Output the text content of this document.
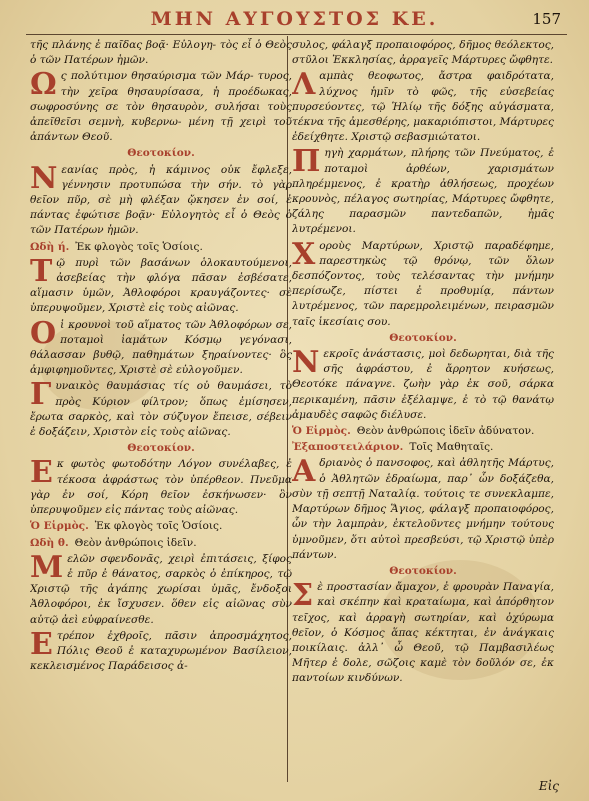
ΜΗΝ ΑΥΓΟΥΣΤΟΣ ΚΕ.	157

τῆς πλάνης ἐ παῖδας βοᾷ· Εὐλογη- τὸς εἶ ὁ Θεὸς ὁ τῶν Πατέρων ἡμῶν.

Ως πολύτιμον θησαύρισμα τῶν Μάρ- τυρος, τὴν χεῖρα θησαυρίσασα, ἡ προέδωκας, σωφροσύνης σε τὸν θησαυρὸν, συλήσαι τοὺς ἀπεῖθεῖσι σεμνὴ, κυβερνω- μένη τῇ χειρὶ τοῦ ἀπάντων Θεοῦ.

Θεοτοκίον.

Νεανίας πρὸς, ἡ κάμινος οὐκ ἔφλεξε, γέννησιν προτυπώσα τὴν σήν. τὸ γὰρ θεῖον πῦρ, σὲ μὴ φλέξαν ᾤκησεν ἐν σοί, ἐ πάντας ἐφώτισε βοᾷν· Εὐλογητὸς εἶ ὁ Θεὸς ὁ τῶν Πατέρων ἡμῶν.

Ωδὴ ή. Ἐκ φλογὸς τοῖς Ὁσίοις.

Τῷ πυρὶ τῶν βασάνων ὁλοκαυτούμενοι, ἀσεβείας τὴν φλόγα πᾶσαν ἐσβέσατε, αἵμασιν ὑμῶν, Ἀθλοφόροι κραυγάζοντες· σὲ ὑπερυψοῦμεν, Χριστὲ εἰς τοὺς αἰῶνας.

Οἱ κρουνοὶ τοῦ αἵματος τῶν Ἀθλοφόρων σε, ποταμοὶ ἰαμάτων Κόσμῳ γεγόνασι, θάλασσαν βυθῷ, παθημάτων ξηραίνοντες· ὃς ἀμφιφημοῦντες, Χριστὲ σὲ εὐλογοῦμεν.

Γυναικὸς θαυμάσιας τίς οὐ θαυμάσει, τὸ πρὸς Κύριον φίλτρον; ὅπως ἐμίσησεν, ἔρωτα σαρκὸς, καὶ τὸν σύζυγον ἔπεισε, σέβειν ἐ δοξάζειν, Χριστὸν εἰς τοὺς αἰῶνας.

Θεοτοκίον.

Εκ φωτὸς φωτοδότην Λόγον συνέλαβες, ἐ τέκοσα ἀφράστως τὸν ὑπέρθεον. Πνεῦμα γὰρ ἐν σοί, Κόρη θεῖον ἐσκήνωσεν· ὃν ὑπερυψοῦμεν εἰς πάντας τοὺς αἰῶνας.

Ὁ Εἱρμὸς. Ἐκ φλογὸς τοῖς Ὁσίοις.

Ωδὴ θ. Θεὸν ἀνθρώποις ἰδεῖν.

Μελῶν σφενδονᾶς, χειρὶ ἐπιτάσεις, ξίφος ἐ πῦρ ἐ θάνατος, σαρκὸς ὁ ἐπίκηρος, τῷ Χριστῷ τῆς ἀγάπης χωρίσαι ὑμᾶς, ἔνδοξοι Ἀθλοφόροι, ἐκ ἴσχυσεν. ὅθεν εἰς αἰῶνας σὺν αὐτῷ ἀεὶ εὐφραίνεσθε.

Ετρέπον ἐχθροῖς, πᾶσιν ἀπροσμάχητος, Πόλις Θεοῦ ἐ καταχυρωμένον Βασίλειον, κεκλεισμένος Παράδεισος ἀ-

συλος, φάλαγξ προπαιοφόρος, δῆμος θεόλεκτος, στῦλοι Ἐκκλησίας, ἀρραγεῖς Μάρτυρες ὤφθητε.

Λαμπὰς θεοφωτος, ἄστρα φαιδρότατα, λύχνος ἡμῖν τὸ φῶς, τῆς εὐσεβείας πυρσεύοντες, τῷ Ἡλίῳ τῆς δόξης αὐγάσματα, τέκνα τῆς ἀμεσθέρης, μακαριόπιστοι, Μάρτυρες ἐδείχθητε. Χριστῷ σεβασμιώτατοι.

Πηγὴ χαρμάτων, πλήρης τῶν Πνεύματος, ἐ ποταμοὶ ἀρθέων, χαρισμάτων πληρέμμενος, ἐ κρατὴρ ἀθλήσεως, προχέων κρουνὸς, πέλαγος σωτηρίας, Μάρτυρες ὤφθητε, ζάλης παρασμῶν παντεδαπῶν, ἡμᾶς λυτρέμενοι.

Χοροὺς Μαρτύρων, Χριστῷ παραδέφημε, παρεστηκὼς τῷ θρόνῳ, τῶν ὅλων δεσπόζοντος, τοὺς τελέσαντας τὴν μνήμην περίσωζε, πίστει ἐ προθυμίᾳ, πάντων λυτρέμενος, τῶν παρεμρολειμένων, πειρασμῶν ταῖς ἱκεσίαις σου.

Θεοτοκίον.

Νεκροῖς ἀνάστασις, μοὶ δεδωρηται, διὰ τῆς σῆς ἀφράστου, ἐ ἄρρητον κυήσεως, Θεοτόκε πάναγνε. ζωὴν γὰρ ἐκ σοῦ, σάρκα περικαμένη, πᾶσιν ἐξέλαμψε, ἐ τὸ τῷ θανάτῳ ἀμαυδὲς σαφῶς διέλυσε.

Ὁ Εἱρμὸς. Θεὸν ἀνθρώποις ἰδεῖν ἀδύνατον.

Ἐξαποστειλάριον. Τοῖς Μαθηταῖς.

Αδριανὸς ὁ πανσοφος, καὶ ἀθλητῆς Μάρτυς, ὁ Ἀθλητῶν ἑδραίωμα, παρ᾽ ὧν δοξάζεθα, σὺν τῇ σεπτῇ Ναταλίᾳ. τούτοις τε συνεκλαμπε, Μαρτύρων δῆμος Ἅγιος, φάλαγξ προπαιοφόρος, ὧν τὴν λαμπρὰν, ἐκτελοῦντες μνήμην τούτους ὑμνοῦμεν, ὅτι αὐτοὶ πρεσβεύσι, τῷ Χριστῷ ὑπὲρ πάντων.

Θεοτοκίον.

Σὲ προστασίαν ἄμαχον, ἐ φρουρὰν Παναγία, καὶ σκέπην καὶ κραταίωμα, καὶ ἀπόρθητον τεῖχος, καὶ ἀρραγὴ σωτηρίαν, καὶ ὀχύρωμα θεῖον, ὁ Κόσμος ἅπας κέκτηται, ἐν ἀνάγκαις ποικίλαις. ἀλλ᾽ ὦ Θεοῦ, τῷ Παμβασιλέως Μῆτερ ἐ δολε, σῶζοις καμὲ τὸν δοῦλόν σε, ἐκ παντοίων κινδύνων.

Εἰς
